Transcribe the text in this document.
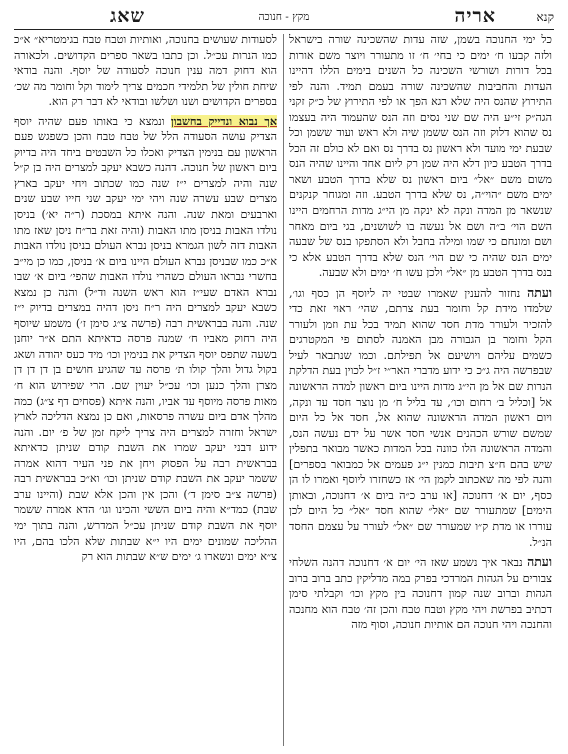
אריה	קנא
מקץ - חנוכה
שאג

כל ימי החנוכה בשמן, שזה עדות שהשכינה שורה בישראל ולזה קבעו ח׳ ימים כי בחי׳ ח׳ זו מתעורר ויוצר משם אורות בכל דורות ושורשי השכינה כל השנים בימים הללו דהיינו העדות והחביבות שהשכינה שורה בעמם תמיד. והנה לפי התירוץ שהנס היה שלא רגא הפך או לפי התירוץ של כ״ק זקני הגה״ק זי״ע היה שם שני נסים וזה הנס שהעמוד היה בעצמו נס שהוא דלוק וזה הנס ששמן שיה ולא ראש ועוד ששמן וכל שבעת ימי מועד ולא ראשון נס בדרך נס ואם לא כולם זה הכל בדרך הטבע כיון דלא היה שמן רק ליום אחד והיינו שהיה הנס משום משם ״אל״ ביום ראשון נס שלא בדרך הטבע ושאר ימים משם ״הוי״ה, נס שלא בדרך הטבע. וזה ומגוחר קנקנים שנשאר מן המדה ונקה לא ינקה מן הי״ג מדות הרחמים היינו השם הוי׳ ב״ה ושם אל נעשה בו לשושנים, בגי ביום מאחר ושם ומונחם כי שמו ומילה בחבל ולא הסתפקו בנס של שבעה ימים הנס שהיה כי שם הוי׳ הנס שלא בדרך הטבע אלא כי בנס בדרך הטבע מן ״אל״ ולכן עשו ח׳ ימים ולא שבעה.

ועתה נחזור להענין שאמרו שבטי יה ליוסף הן כסף וגו׳, שלמדו מידת קל וחומר בעת צרתם, שהי׳ ראוי זאת כדי להזכיר ולעורר מדת חסד שהוא תמיד בכל עת וזמן ולעורר הקל וחומר בן הגבורה מבן האמנה לסתום פי המקטרגים כשמים עליהם ויושיעם אל תפילתם. וכמו שנתבאר לעיל שבפרשה היה ג״כ כי ידוע מדברי האר״י ז״ל לכוין בעת הדלקת הנרות שם אל מן הי״ג מדות היינו ביום ראשון למדה הראשונה אל [וכליל ב׳ רחום וכו׳, עד בליל ח׳ מן נוצר חסד עד ונקה, ויום ראשון המדה הראשונה שהוא אל, חסד אל כל היום שמשם שורש הכהנים אנשי חסד אשר על ידם נעשה הנס, והמדה הראשונה הלו כוונה בכל המדות כאשר מבואר בתפלין שיש בהם ח״צ תיבות כמנין י״ג פעמים אל כמבואר בספרים] והנה לפי מה שאכתוב לקמן הי׳ אז כשחזרו ליוסף ואמרו לו הן כסף, יום א׳ דחנוכה [או ערב כ״ה ביום א׳ דחנוכה, ובאותן הימים] שמתעורר שם ״אל״ שהוא חסד ״אל״ כל היום לכן עוררו או מדת ק״ו שמעורר שם ״אל״ לעורר על עצמם החסד הנ״ל.

ועתה נבאר איך נשמע שאז הי׳ יום א׳ דחנוכה דהנה השלחי צבורים על הגהות המרדכי בפרק במה מדליקין כתב ברוב ברוב הגהות וברוב שנה קמון דחנוכה בין מקץ וכו׳ וקבלתי סימן דכתיב בפרשת ויהי מקץ וטבח טבח והכן זה׳ טבח הוא מחנכה והחנכה ויהי חנוכה הם אותיות חנוכה, וסוף מזה

לסעודות שעושים בחנוכה, ואותיות וטבח טבח בגימטריא״ א״כ כמו הנרות עכ״ל. וכן כתבו בשאר ספרים הקדושים. ולכאורה הוא דחוק דמה ענין חנוכה לסעודה של יוסף. והנה בודאי שיחת חולין של תלמידי חכמים צריך לימוד וקל וחומר מה שכ׳ בספרים הקדושים ושנו ושלשו ובודאי לא דבר רק הוא.

אך נבוא ונדייק בחשבון ונמצא כי באותו פעם שהיה יוסף הצדיק עושה הסעודה הלל של טבח טבח והכן כשפגש פעם הראשון עם בנימין הצדיק ואכלו כל השבטים ביחד היה בדיוק ביום ראשון של חנוכה. דהנה כשבא יעקב למצרים היה בן ק״ל שנה והיה למצרים י״ז שנה כמו שכתוב ויחי יעקב בארץ מצרים שבע עשרה שנה ויהי ימי יעקב שני חייו שבע שנים וארבעים ומאת שנה. והנה איתא במסכת (ר״ה יא׳) בניסן נולדו האבות בניסן מתו האבות (והיה זאת בר״ח ניסן שאז מתו האבות דזה לשון הגמרא בניסן נברא העולם בניסן נולדו האבות א״כ כמו שבניסן נברא העולם היינו ביום א׳ בניסן, כמו כן מי״ב בחשרי נבראו העולם כשהרי נולדו האבות שהפי׳ ביום א׳ שבו נברא האדם שעי״ז הוא ראש השנה וד״ל) והנה כן נמצא כשבא יעקב למצרים היה ר״ח ניסן דהיה במצרים בדיוק י״ז שנה. והנה בבראשית רבה (פרשה צ״ג סימן ז׳) משמע שיוסף היה רחוק מאביו ח׳ שמנה פרסה כדאיתא התם א״ר יוחנן בשעה שתפס יוסף הצדיק את בנימין וכו׳ מיד כעס יהודה ושאג בקול גדול והלך קולו ת׳ פרסה עד שהגיע חושים בן דן דן דן מצרן והלך כנען וכו׳ עכ״ל יעוין שם. הרי שפירוש הוא ח׳ מאות פרסה מיוסף עד אביו, והנה איתא (פסחים דף צ״ג) כמה מהלך אדם ביום עשרה פרסאות, ואם כן נמצא הדליכה לארץ ישראל וחזרה למצרים היה צריך ליקח זמן של פ׳ יום. והנה ידוע דבני יעקב שמרו את השבת קודם שניתן כדאיתא בבראשית רבה על הפסוק ויחן את פני העיר דהוא אמרה ששמר יעקב את השבת קודם שניתן וכו׳ וא״כ בבראשית רבה (פרשה צ״ב סימן ד׳) והכן אין והכן אלא שבת (והיינו ערב שבת) כמד״א והיה ביום הששי והכינו וגו׳ הדא אמרה ששמר יוסף את השבת קודם שניתן עכ״ל המדרש, והנה בתוך ימי ההליכה שמונים ימים היו י״א שבתות שלא הלכו בהם, היו צ״א ימים ונשארו ג׳ ימים ש״א שבתות הוא רק
